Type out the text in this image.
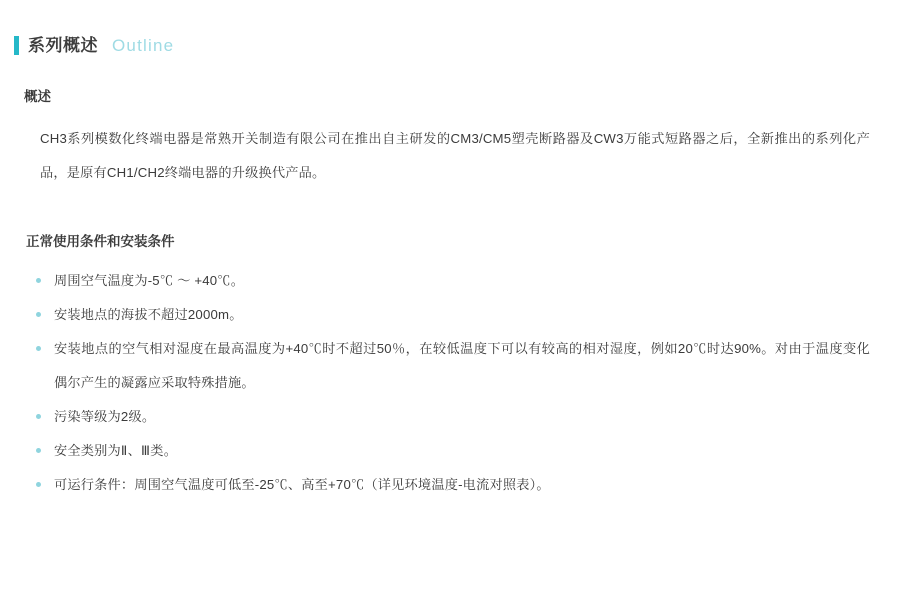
系列概述 Outline
概述
CH3系列模数化终端电器是常熟开关制造有限公司在推出自主研发的CM3/CM5塑壳断路器及CW3万能式短路器之后，全新推出的系列化产品，是原有CH1/CH2终端电器的升级换代产品。
正常使用条件和安装条件
周围空气温度为-5℃ ～ +40℃。
安装地点的海拔不超过2000m。
安装地点的空气相对湿度在最高温度为+40℃时不超过50％，在较低温度下可以有较高的相对湿度，例如20℃时达90%。对由于温度变化偶尔产生的凝露应采取特殊措施。
污染等级为2级。
安全类别为Ⅱ、Ⅲ类。
可运行条件：周围空气温度可低至-25℃、高至+70℃（详见环境温度-电流对照表）。
